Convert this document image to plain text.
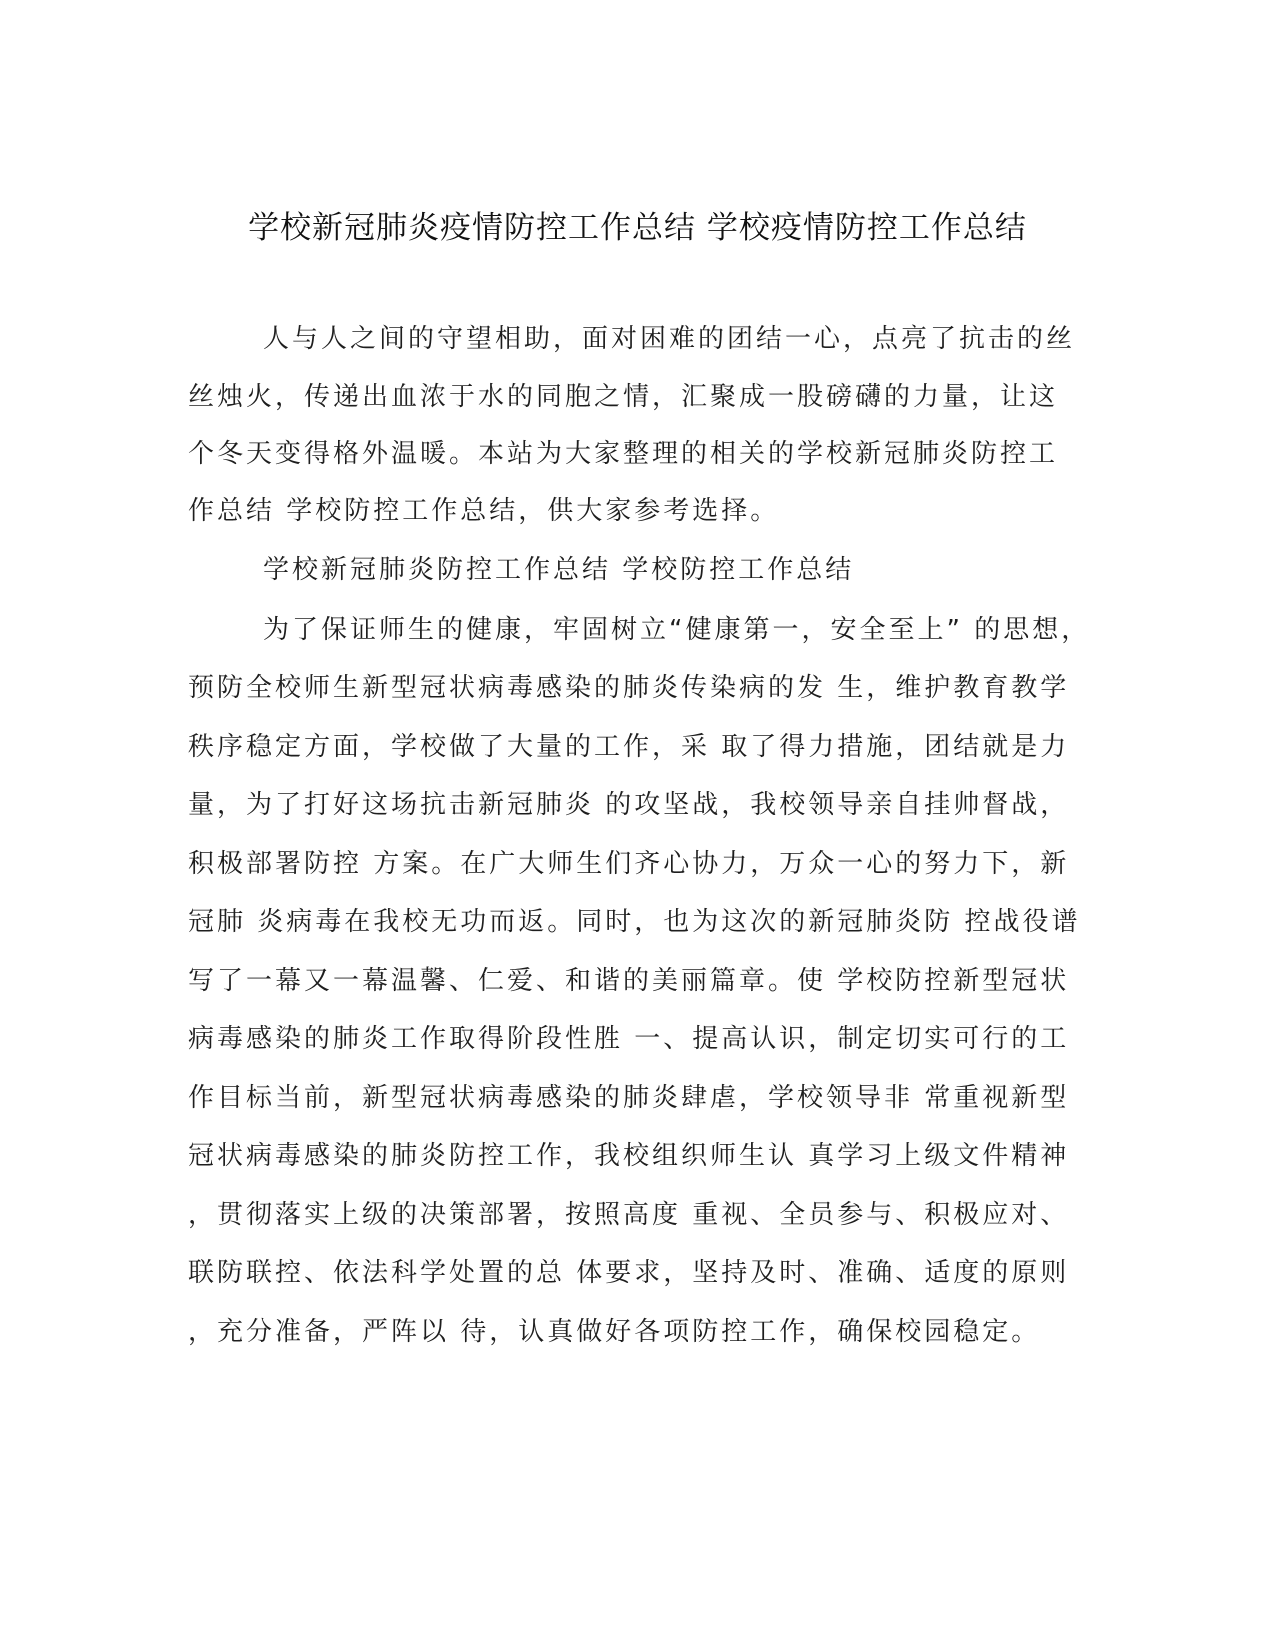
学校新冠肺炎疫情防控工作总结 学校疫情防控工作总结
人与人之间的守望相助，面对困难的团结一心，点亮了抗击的丝
丝烛火，传递出血浓于水的同胞之情，汇聚成一股磅礴的力量，让这
个冬天变得格外温暖。本站为大家整理的相关的学校新冠肺炎防控工
作总结 学校防控工作总结，供大家参考选择。
学校新冠肺炎防控工作总结 学校防控工作总结
为了保证师生的健康，牢固树立“健康第一，安全至上” 的思想，
预防全校师生新型冠状病毒感染的肺炎传染病的发 生，维护教育教学
秩序稳定方面，学校做了大量的工作，采 取了得力措施，团结就是力
量，为了打好这场抗击新冠肺炎 的攻坚战，我校领导亲自挂帅督战，
积极部署防控 方案。在广大师生们齐心协力，万众一心的努力下，新
冠肺 炎病毒在我校无功而返。同时，也为这次的新冠肺炎防 控战役谱
写了一幕又一幕温馨、仁爱、和谐的美丽篇章。使 学校防控新型冠状
病毒感染的肺炎工作取得阶段性胜 一、提高认识，制定切实可行的工
作目标当前，新型冠状病毒感染的肺炎肆虐，学校领导非 常重视新型
冠状病毒感染的肺炎防控工作，我校组织师生认 真学习上级文件精神
，贯彻落实上级的决策部署，按照高度 重视、全员参与、积极应对、
联防联控、依法科学处置的总 体要求，坚持及时、准确、适度的原则
，充分准备，严阵以 待，认真做好各项防控工作，确保校园稳定。
